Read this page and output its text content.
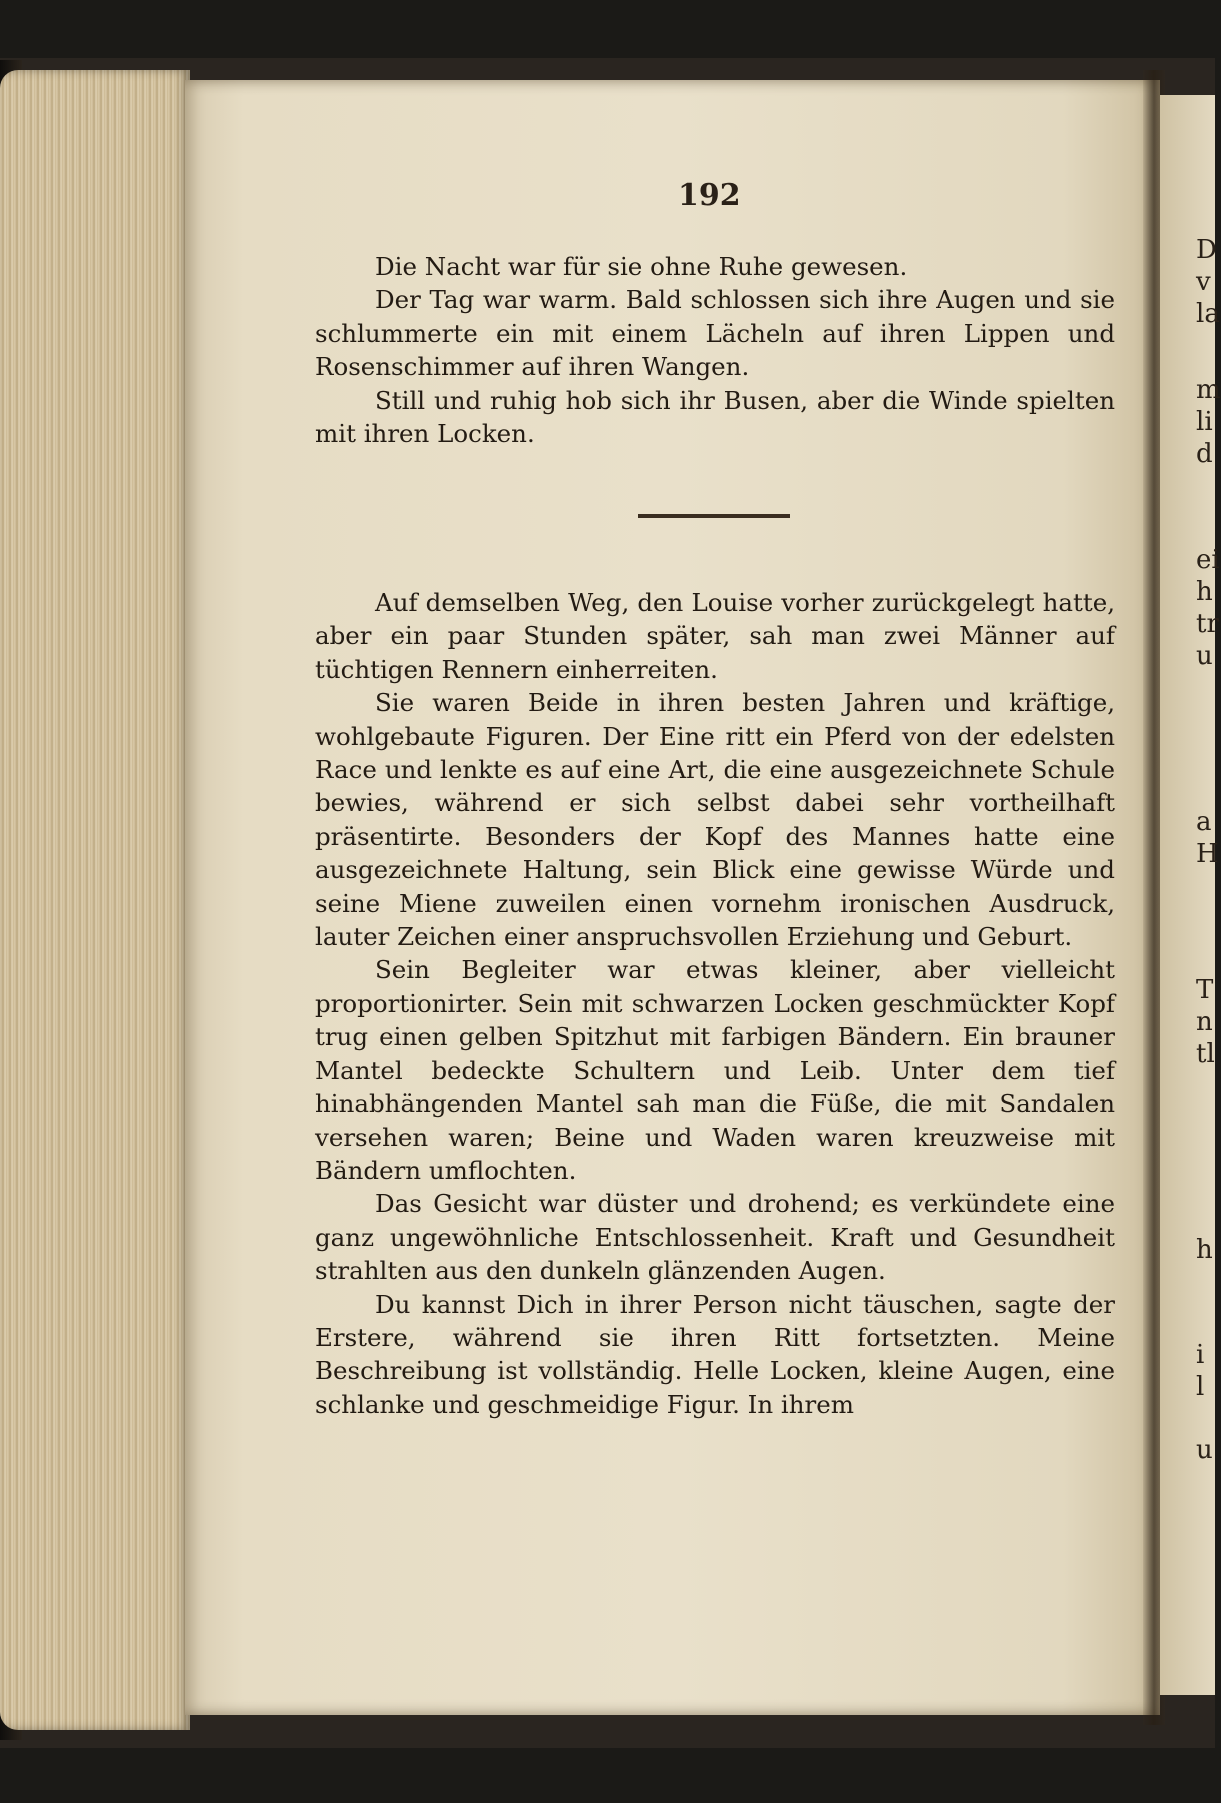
192

Die Nacht war für sie ohne Ruhe gewesen.

Der Tag war warm. Bald schlossen sich ihre Augen und sie schlummerte ein mit einem Lächeln auf ihren Lippen und Rosenschimmer auf ihren Wangen.

Still und ruhig hob sich ihr Busen, aber die Winde spielten mit ihren Locken.

Auf demselben Weg, den Louise vorher zurückgelegt hatte, aber ein paar Stunden später, sah man zwei Männer auf tüchtigen Rennern einherreiten.

Sie waren Beide in ihren besten Jahren und kräftige, wohlgebaute Figuren. Der Eine ritt ein Pferd von der edelsten Race und lenkte es auf eine Art, die eine ausgezeichnete Schule bewies, während er sich selbst dabei sehr vortheilhaft präsentirte. Besonders der Kopf des Mannes hatte eine ausgezeichnete Haltung, sein Blick eine gewisse Würde und seine Miene zuweilen einen vornehm ironischen Ausdruck, lauter Zeichen einer anspruchsvollen Erziehung und Geburt.

Sein Begleiter war etwas kleiner, aber vielleicht proportionirter. Sein mit schwarzen Locken geschmückter Kopf trug einen gelben Spitzhut mit farbigen Bändern. Ein brauner Mantel bedeckte Schultern und Leib. Unter dem tief hinabhängenden Mantel sah man die Füße, die mit Sandalen versehen waren; Beine und Waden waren kreuzweise mit Bändern umflochten.

Das Gesicht war düster und drohend; es verkündete eine ganz ungewöhnliche Entschlossenheit. Kraft und Gesundheit strahlten aus den dunkeln glänzenden Augen.

Du kannst Dich in ihrer Person nicht täuschen, sagte der Erstere, während sie ihren Ritt fortsetzten. Meine Beschreibung ist vollständig. Helle Locken, kleine Augen, eine schlanke und geschmeidige Figur. In ihrem

D
v
la
m
li
d
ei
h
tr
u
a
H
T
n
tl
h
i
l
u
